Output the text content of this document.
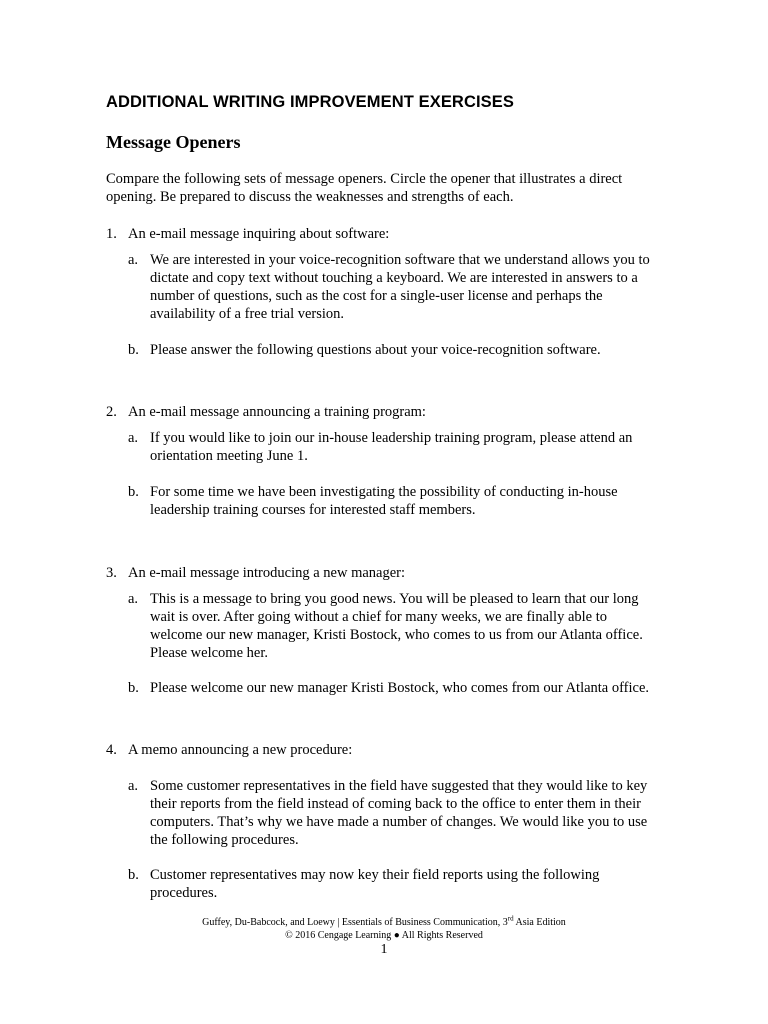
ADDITIONAL WRITING IMPROVEMENT EXERCISES
Message Openers
Compare the following sets of message openers. Circle the opener that illustrates a direct
opening. Be prepared to discuss the weaknesses and strengths of each.
1. An e-mail message inquiring about software:
a. We are interested in your voice-recognition software that we understand allows you to
dictate and copy text without touching a keyboard. We are interested in answers to a
number of questions, such as the cost for a single-user license and perhaps the
availability of a free trial version.
b. Please answer the following questions about your voice-recognition software.
2. An e-mail message announcing a training program:
a. If you would like to join our in-house leadership training program, please attend an
orientation meeting June 1.
b. For some time we have been investigating the possibility of conducting in-house
leadership training courses for interested staff members.
3. An e-mail message introducing a new manager:
a. This is a message to bring you good news. You will be pleased to learn that our long
wait is over. After going without a chief for many weeks, we are finally able to
welcome our new manager, Kristi Bostock, who comes to us from our Atlanta office.
Please welcome her.
b. Please welcome our new manager Kristi Bostock, who comes from our Atlanta office.
4. A memo announcing a new procedure:
a. Some customer representatives in the field have suggested that they would like to key
their reports from the field instead of coming back to the office to enter them in their
computers. That’s why we have made a number of changes. We would like you to use
the following procedures.
b. Customer representatives may now key their field reports using the following
procedures.
Guffey, Du-Babcock, and Loewy | Essentials of Business Communication, 3rd Asia Edition
© 2016 Cengage Learning ● All Rights Reserved
1
